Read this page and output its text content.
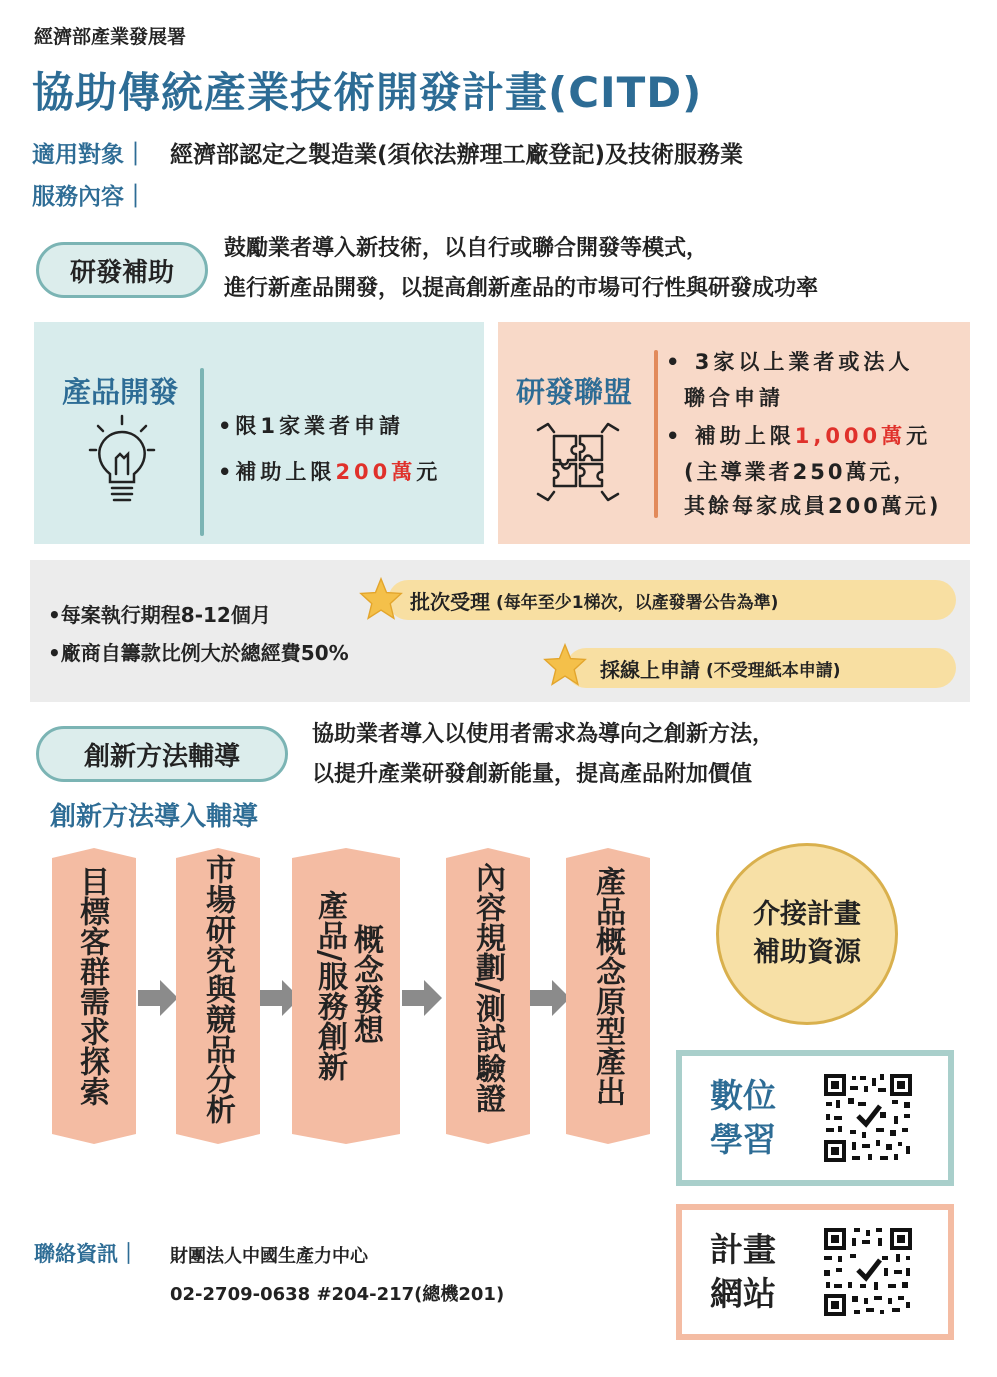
經濟部產業發展署
協助傳統產業技術開發計畫(CITD)
適用對象｜ 經濟部認定之製造業(須依法辦理工廠登記)及技術服務業
服務內容｜
研發補助
鼓勵業者導入新技術，以自行或聯合開發等模式，
進行新產品開發，以提高創新產品的市場可行性與研發成功率
產品開發
•限1家業者申請
•補助上限200萬元
研發聯盟
• 3家以上業者或法人
聯合申請
• 補助上限1,000萬元
(主導業者250萬元，
其餘每家成員200萬元)
•每案執行期程8-12個月
•廠商自籌款比例大於總經費50%
批次受理 (每年至少1梯次，以產發署公告為準)
採線上申請 (不受理紙本申請)
創新方法輔導
協助業者導入以使用者需求為導向之創新方法，
以提升產業研發創新能量，提高產品附加價值
創新方法導入輔導
目標客群需求探索	市場研究與競品分析	概念發想
產品/服務創新	內容規劃/測試驗證	產品概念原型產出	介接計畫
補助資源
數位
學習
計畫
網站
聯絡資訊｜ 財團法人中國生產力中心
02-2709-0638 #204-217(總機201)
